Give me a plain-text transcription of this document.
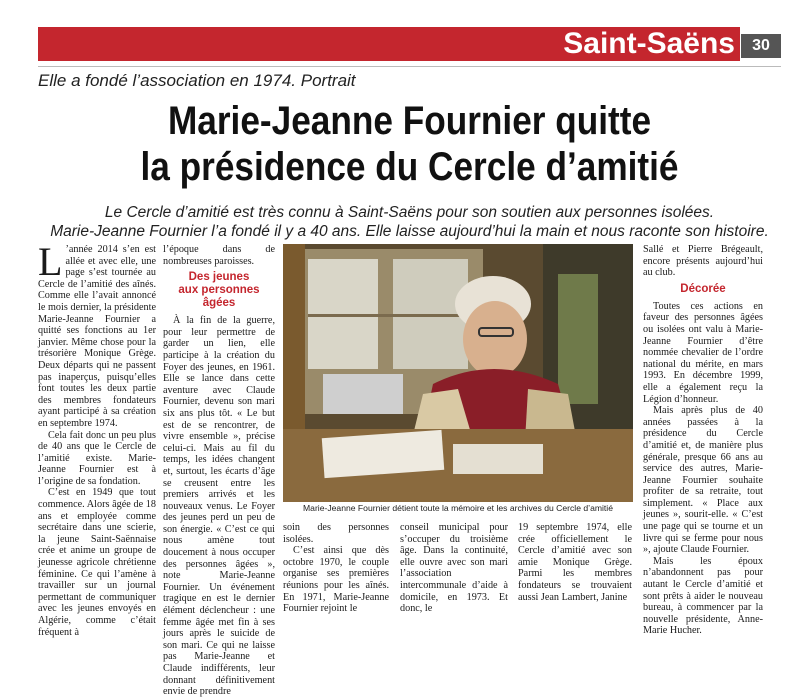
Saint-Saëns	30
Elle a fondé l’association en 1974. Portrait
Marie-Jeanne Fournier quitte
la présidence du Cercle d’amitié
Le Cercle d’amitié est très connu à Saint-Saëns pour son soutien aux personnes isolées.
Marie-Jeanne Fournier l’a fondé il y a 40 ans. Elle laisse aujourd’hui la main et nous raconte son histoire.
L ’année 2014 s’en est allée et avec elle, une page s’est tournée au Cercle de l’amitié des aînés. Comme elle l’avait annoncé le mois dernier, la présidente Marie-Jeanne Fournier a quitté ses fonctions au 1er janvier. Même chose pour la trésorière Monique Grège. Deux départs qui ne passent pas inaperçus, puisqu’elles font toutes les deux partie des membres fondateurs ayant participé à sa création en septembre 1974.

Cela fait donc un peu plus de 40 ans que le Cercle de l’amitié existe. Marie-Jeanne Fournier est à l’origine de sa fondation.

C’est en 1949 que tout commence. Alors âgée de 18 ans et employée comme secrétaire dans une scierie, la jeune Saint-Saënnaise crée et anime un groupe de jeunesse agricole chrétienne féminine. Ce qui l’amène à travailler sur un journal permettant de communiquer avec les jeunes envoyés en Algérie, comme c’était fréquent à

l’époque dans de nombreuses paroisses.

Des jeunes
aux personnes âgées

À la fin de la guerre, pour leur permettre de garder un lien, elle participe à la création du Foyer des jeunes, en 1961. Elle se lance dans cette aventure avec Claude Fournier, devenu son mari six ans plus tôt. « Le but est de se rencontrer, de vivre ensemble », précise celui-ci. Mais au fil du temps, les idées changent et, surtout, les écarts d’âge se creusent entre les premiers arrivés et les nouveaux venus. Le Foyer des jeunes perd un peu de son énergie. « C’est ce qui nous amène tout doucement à nous occuper des personnes âgées », note Marie-Jeanne Fournier. Un événement tragique en est le dernier élément déclencheur : une femme âgée met fin à ses jours après le suicide de son mari. Ce qui ne laisse pas Marie-Jeanne et Claude indifférents, leur donnant définitivement envie de prendre

Marie-Jeanne Fournier détient toute la mémoire et les archives du Cercle d’amitié

soin des personnes isolées.

C’est ainsi que dès octobre 1970, le couple organise ses premières réunions pour les aînés. En 1971, Marie-Jeanne Fournier rejoint le

conseil municipal pour s’occuper du troisième âge. Dans la continuité, elle ouvre avec son mari l’association intercommunale d’aide à domicile, en 1973. Et donc, le

19 septembre 1974, elle crée officiellement le Cercle d’amitié avec son amie Monique Grège. Parmi les membres fondateurs se trouvaient aussi Jean Lambert, Janine

Sallé et Pierre Brégeault, encore présents aujourd’hui au club.

Décorée

Toutes ces actions en faveur des personnes âgées ou isolées ont valu à Marie-Jeanne Fournier d’être nommée chevalier de l’ordre national du mérite, en mars 1993. En décembre 1999, elle a également reçu la Légion d’honneur.

Mais après plus de 40 années passées à la présidence du Cercle d’amitié et, de manière plus générale, presque 66 ans au service des autres, Marie-Jeanne Fournier souhaite profiter de sa retraite, tout simplement. « Place aux jeunes », sourit-elle. « C’est une page qui se tourne et un livre qui se ferme pour nous », ajoute Claude Fournier.

Mais les époux n’abandonnent pas pour autant le Cercle d’amitié et sont prêts à aider le nouveau bureau, à commencer par la nouvelle présidente, Anne-Marie Hucher.
